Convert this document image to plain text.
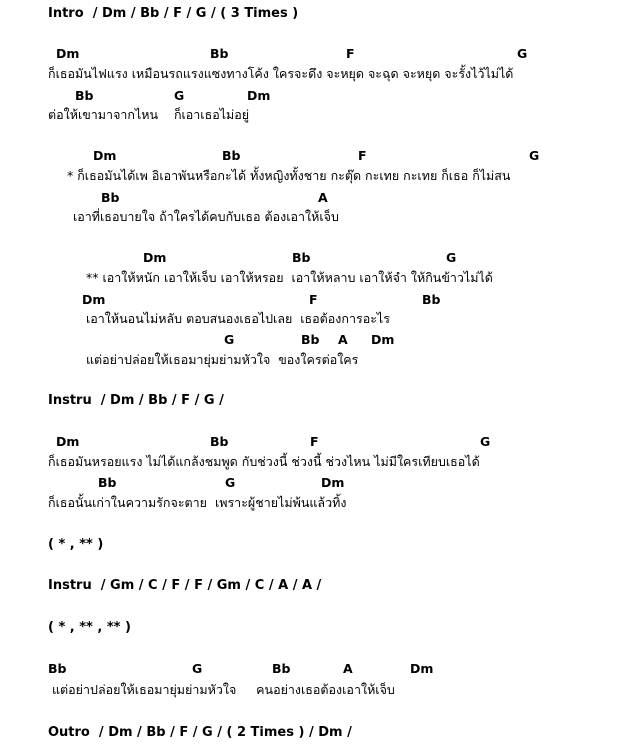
Intro  / Dm / Bb / F / G / ( 3 Times )
Dm	Bb	F	G
ก็เธอมันไฟแรง เหมือนรถแรงแซงทางโค้ง ใครจะดึง จะหยุด จะฉุด จะหยุด จะรั้งไว้ไม่ได้
Bb	G	Dm
ต่อให้เขามาจากไหน    ก็เอาเธอไม่อยู่
Dm	Bb	F	G
* ก็เธอมันได้เพ อิเอาพันหรือกะได้ ทั้งหญิงทั้งชาย กะตุ๊ด กะเทย กะเทย ก็เธอ ก็ไม่สน
Bb	A
เอาที่เธอบายใจ ถ้าใครได้คบกับเธอ ต้องเอาให้เจ็บ
Dm	Bb	G
** เอาให้หนัก เอาให้เจ็บ เอาให้หรอย  เอาให้หลาบ เอาให้จำ ให้กินข้าวไม่ได้
Dm	F	Bb
เอาให้นอนไม่หลับ ตอบสนองเธอไปเลย  เธอต้องการอะไร
G	Bb A Dm
แต่อย่าปล่อยให้เธอมายุ่มย่ามหัวใจ  ของใครต่อใคร
Instru  / Dm / Bb / F / G /
Dm	Bb	F	G
ก็เธอมันหรอยแรง ไม่ได้แกล้งชมพูด กับช่วงนี้ ช่วงนี้ ช่วงไหน ไม่มีใครเทียบเธอได้
Bb	G	Dm
ก็เธอนั้นเก่าในความรักจะตาย  เพราะผู้ชายไม่พ้นแล้วทิ้ง
( * , ** )
Instru  / Gm / C / F / F / Gm / C / A / A /
( * , ** , ** )
Bb	G	Bb	A	Dm
แต่อย่าปล่อยให้เธอมายุ่มย่ามหัวใจ     คนอย่างเธอต้องเอาให้เจ็บ
Outro  / Dm / Bb / F / G / ( 2 Times ) / Dm /
